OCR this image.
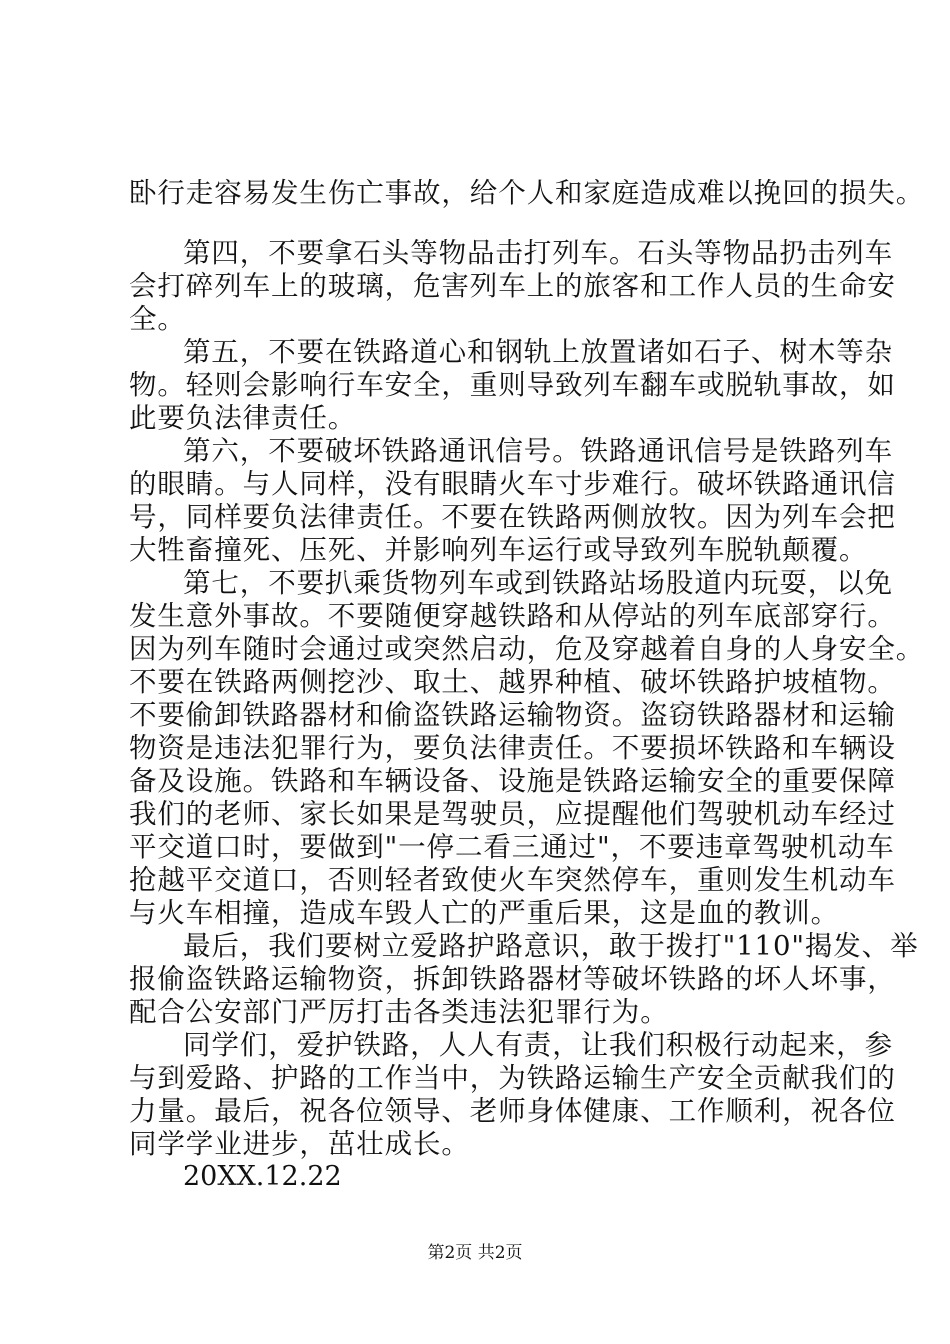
卧行走容易发生伤亡事故，给个人和家庭造成难以挽回的损失。
第四，不要拿石头等物品击打列车。石头等物品扔击列车
会打碎列车上的玻璃，危害列车上的旅客和工作人员的生命安
全。
第五，不要在铁路道心和钢轨上放置诸如石子、树木等杂
物。轻则会影响行车安全，重则导致列车翻车或脱轨事故，如
此要负法律责任。
第六，不要破坏铁路通讯信号。铁路通讯信号是铁路列车
的眼睛。与人同样，没有眼睛火车寸步难行。破坏铁路通讯信
号，同样要负法律责任。不要在铁路两侧放牧。因为列车会把
大牲畜撞死、压死、并影响列车运行或导致列车脱轨颠覆。
第七，不要扒乘货物列车或到铁路站场股道内玩耍，以免
发生意外事故。不要随便穿越铁路和从停站的列车底部穿行。
因为列车随时会通过或突然启动，危及穿越着自身的人身安全。
不要在铁路两侧挖沙、取土、越界种植、破坏铁路护坡植物。
不要偷卸铁路器材和偷盗铁路运输物资。盗窃铁路器材和运输
物资是违法犯罪行为，要负法律责任。不要损坏铁路和车辆设
备及设施。铁路和车辆设备、设施是铁路运输安全的重要保障
我们的老师、家长如果是驾驶员，应提醒他们驾驶机动车经过
平交道口时，要做到"一停二看三通过"，不要违章驾驶机动车
抢越平交道口，否则轻者致使火车突然停车，重则发生机动车
与火车相撞，造成车毁人亡的严重后果，这是血的教训。
最后，我们要树立爱路护路意识，敢于拨打"110"揭发、举
报偷盗铁路运输物资，拆卸铁路器材等破坏铁路的坏人坏事，
配合公安部门严厉打击各类违法犯罪行为。
同学们，爱护铁路，人人有责，让我们积极行动起来，参
与到爱路、护路的工作当中，为铁路运输生产安全贡献我们的
力量。最后，祝各位领导、老师身体健康、工作顺利，祝各位
同学学业进步，茁壮成长。
20XX.12.22
第2页 共2页
